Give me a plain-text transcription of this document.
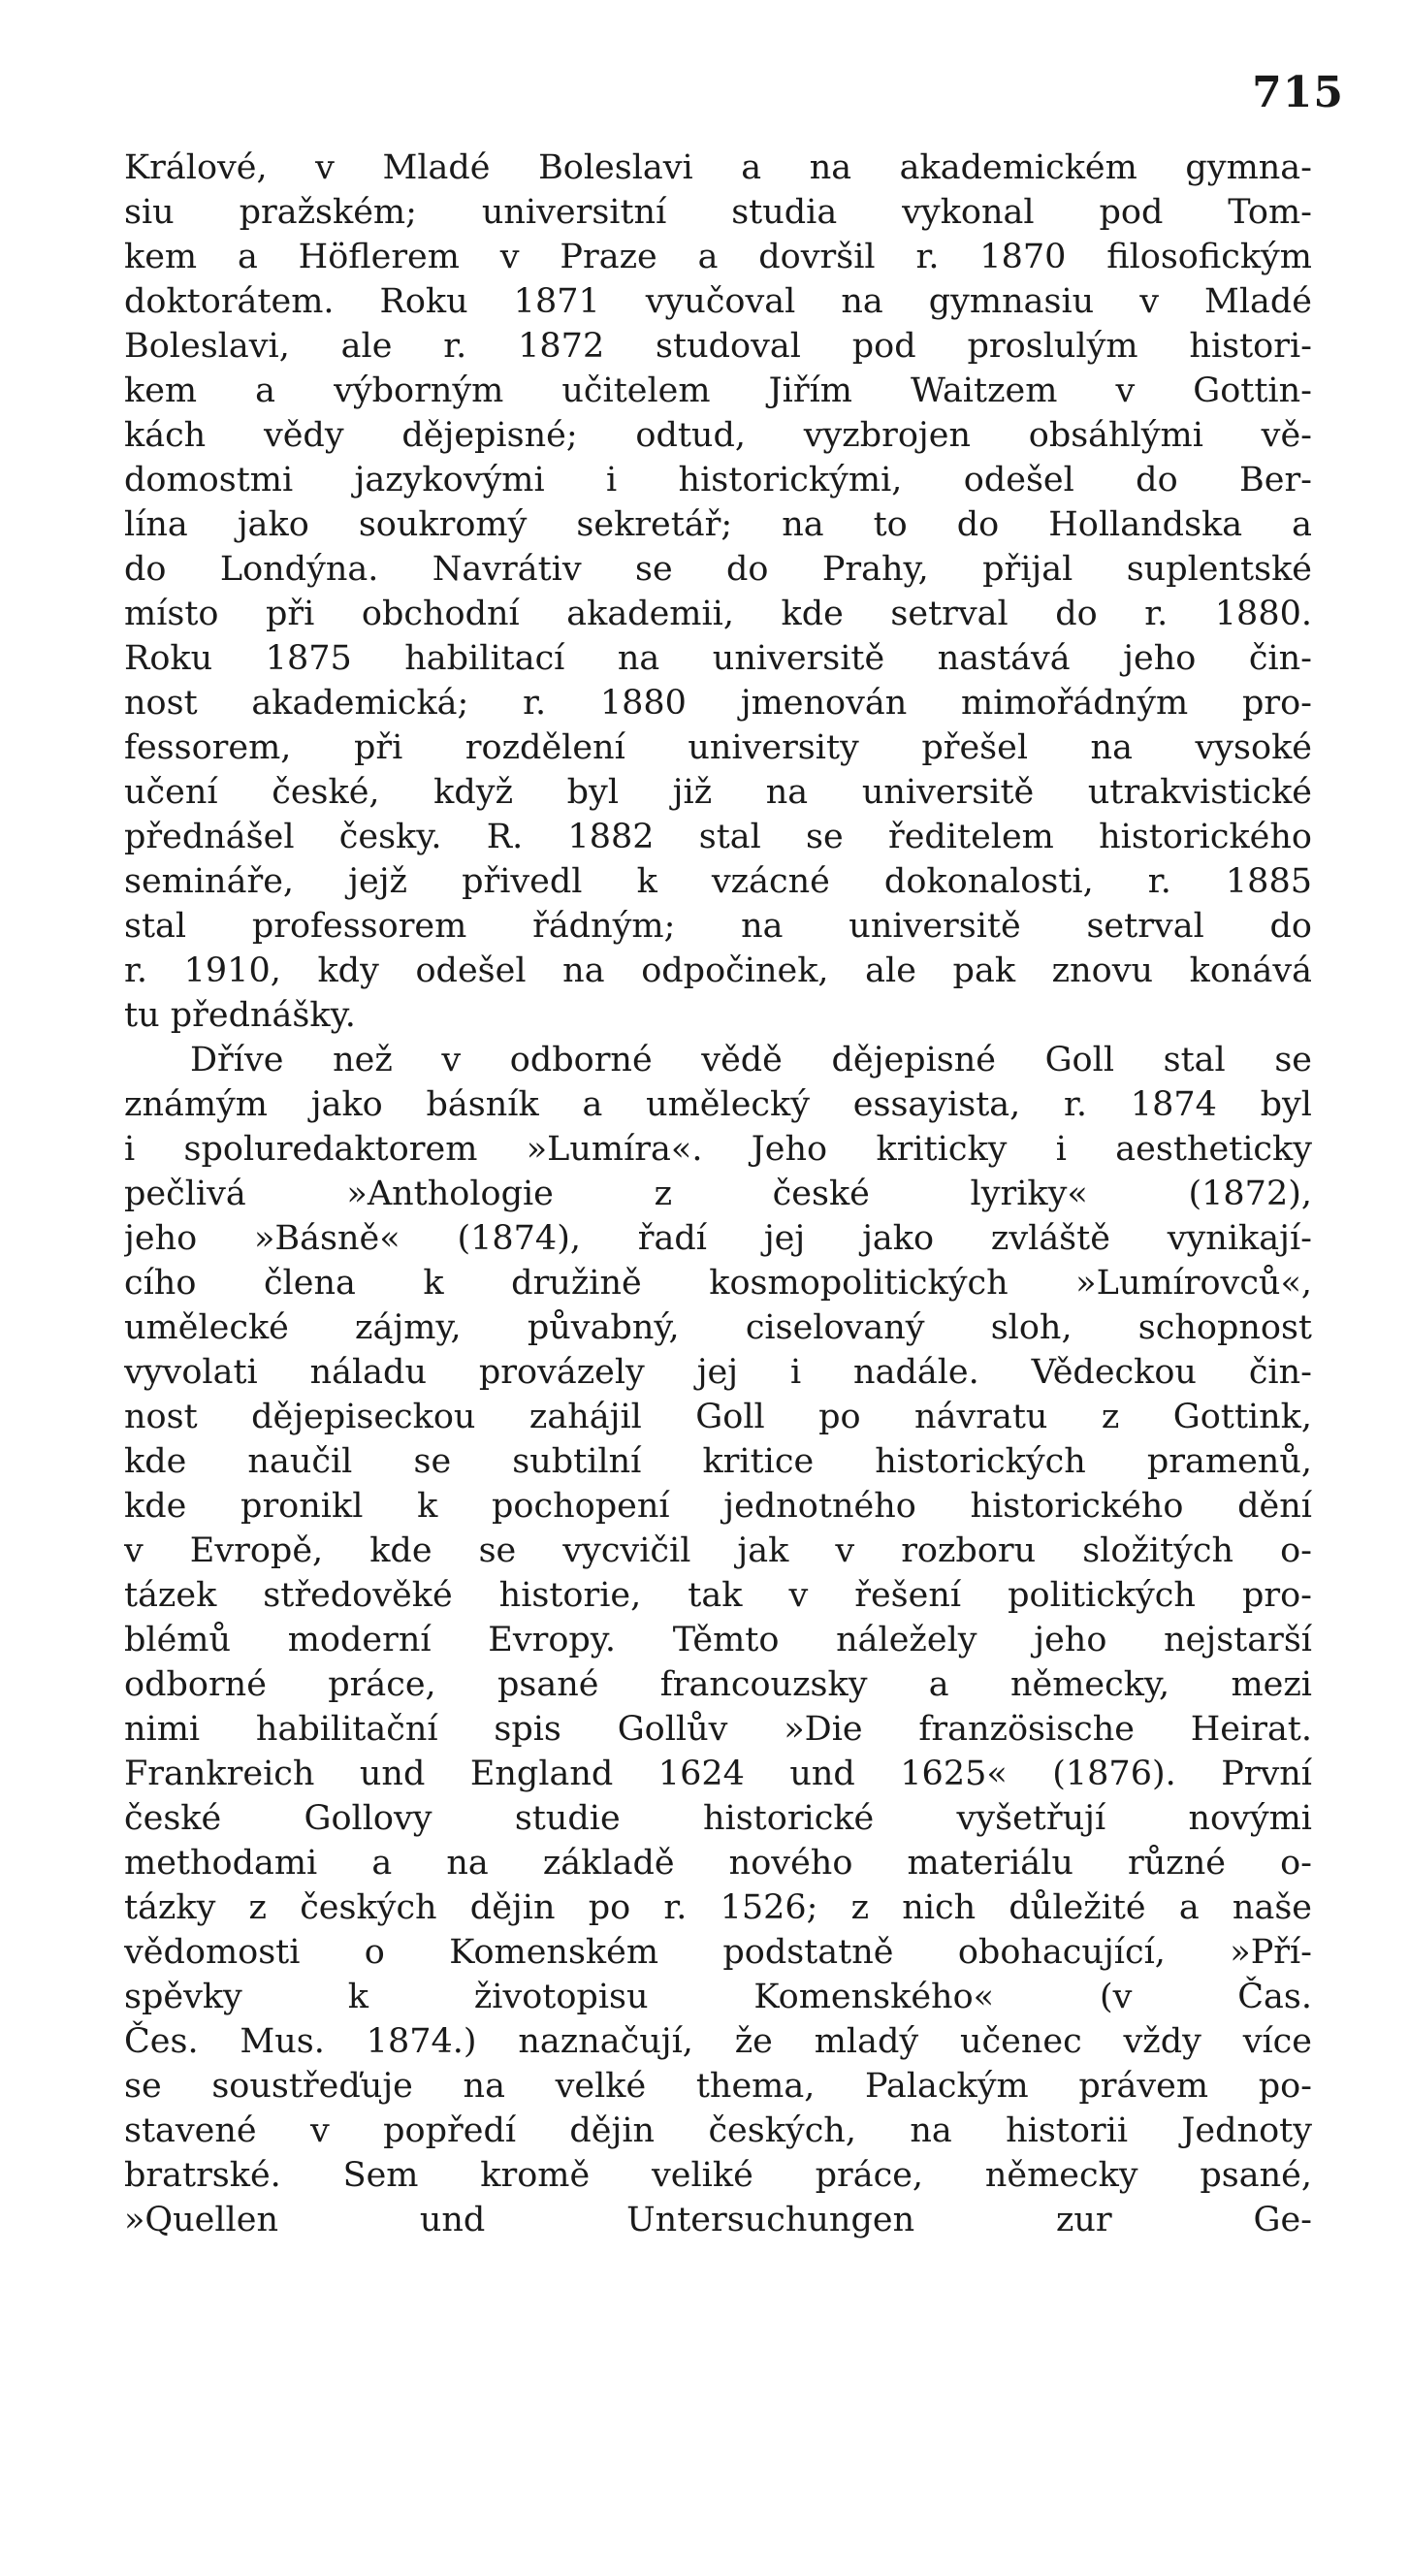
715
Králové, v Mladé Boleslavi a na akademickém gymna-
siu pražském; universitní studia vykonal pod Tom-
kem a Höflerem v Praze a dovršil r. 1870 filosofickým
doktorátem. Roku 1871 vyučoval na gymnasiu v Mladé
Boleslavi, ale r. 1872 studoval pod proslulým histori-
kem a výborným učitelem Jiřím Waitzem v Gottin-
kách vědy dějepisné; odtud, vyzbrojen obsáhlými vě-
domostmi jazykovými i historickými, odešel do Ber-
lína jako soukromý sekretář; na to do Hollandska a
do Londýna. Navrátiv se do Prahy, přijal suplentské
místo při obchodní akademii, kde setrval do r. 1880.
Roku 1875 habilitací na universitě nastává jeho čin-
nost akademická; r. 1880 jmenován mimořádným pro-
fessorem, při rozdělení university přešel na vysoké
učení české, když byl již na universitě utrakvistické
přednášel česky. R. 1882 stal se ředitelem historického
semináře, jejž přivedl k vzácné dokonalosti, r. 1885
stal professorem řádným; na universitě setrval do
r. 1910, kdy odešel na odpočinek, ale pak znovu konává
tu přednášky.
Dříve než v odborné vědě dějepisné Goll stal se
známým jako básník a umělecký essayista, r. 1874 byl
i spoluredaktorem »Lumíra«. Jeho kriticky i aestheticky
pečlivá »Anthologie z české lyriky« (1872),
jeho »Básně« (1874), řadí jej jako zvláště vynikají-
cího člena k družině kosmopolitických »Lumírovců«,
umělecké zájmy, půvabný, ciselovaný sloh, schopnost
vyvolati náladu provázely jej i nadále. Vědeckou čin-
nost dějepiseckou zahájil Goll po návratu z Gottink,
kde naučil se subtilní kritice historických pramenů,
kde pronikl k pochopení jednotného historického dění
v Evropě, kde se vycvičil jak v rozboru složitých o-
tázek středověké historie, tak v řešení politických pro-
blémů moderní Evropy. Těmto náležely jeho nejstarší
odborné práce, psané francouzsky a německy, mezi
nimi habilitační spis Gollův »Die französische Heirat.
Frankreich und England 1624 und 1625« (1876). První
české Gollovy studie historické vyšetřují novými
methodami a na základě nového materiálu různé o-
tázky z českých dějin po r. 1526; z nich důležité a naše
vědomosti o Komenském podstatně obohacující, »Pří-
spěvky k životopisu Komenského« (v Čas.
Čes. Mus. 1874.) naznačují, že mladý učenec vždy více
se soustřeďuje na velké thema, Palackým právem po-
stavené v popředí dějin českých, na historii Jednoty
bratrské. Sem kromě veliké práce, německy psané,
»Quellen und Untersuchungen zur Ge-
